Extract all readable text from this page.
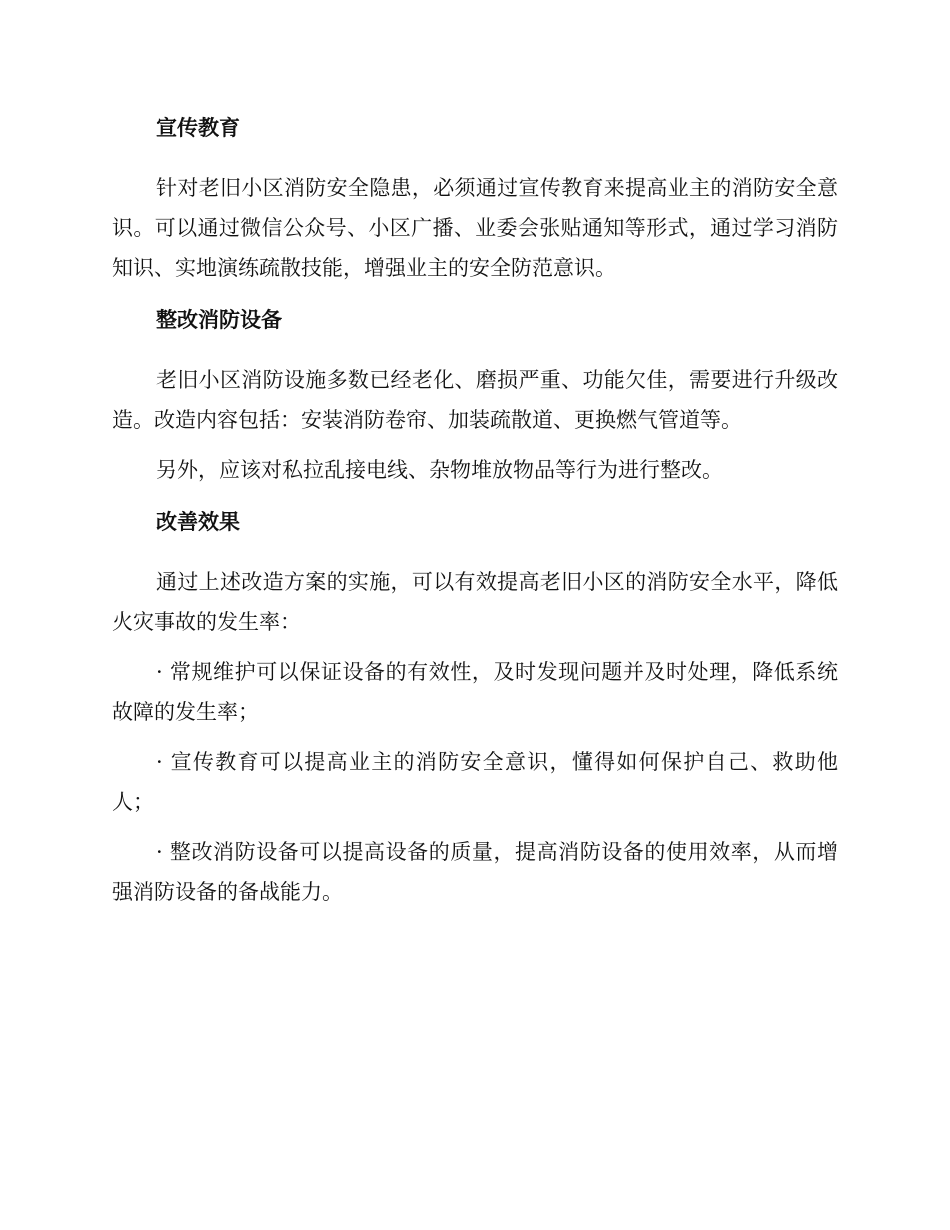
宣传教育

针对老旧小区消防安全隐患，必须通过宣传教育来提高业主的消防安全意识。可以通过微信公众号、小区广播、业委会张贴通知等形式，通过学习消防知识、实地演练疏散技能，增强业主的安全防范意识。

整改消防设备

老旧小区消防设施多数已经老化、磨损严重、功能欠佳，需要进行升级改造。改造内容包括：安装消防卷帘、加装疏散道、更换燃气管道等。

另外，应该对私拉乱接电线、杂物堆放物品等行为进行整改。

改善效果

通过上述改造方案的实施，可以有效提高老旧小区的消防安全水平，降低火灾事故的发生率：

· 常规维护可以保证设备的有效性，及时发现问题并及时处理，降低系统故障的发生率；

· 宣传教育可以提高业主的消防安全意识，懂得如何保护自己、救助他人；

· 整改消防设备可以提高设备的质量，提高消防设备的使用效率，从而增强消防设备的备战能力。
